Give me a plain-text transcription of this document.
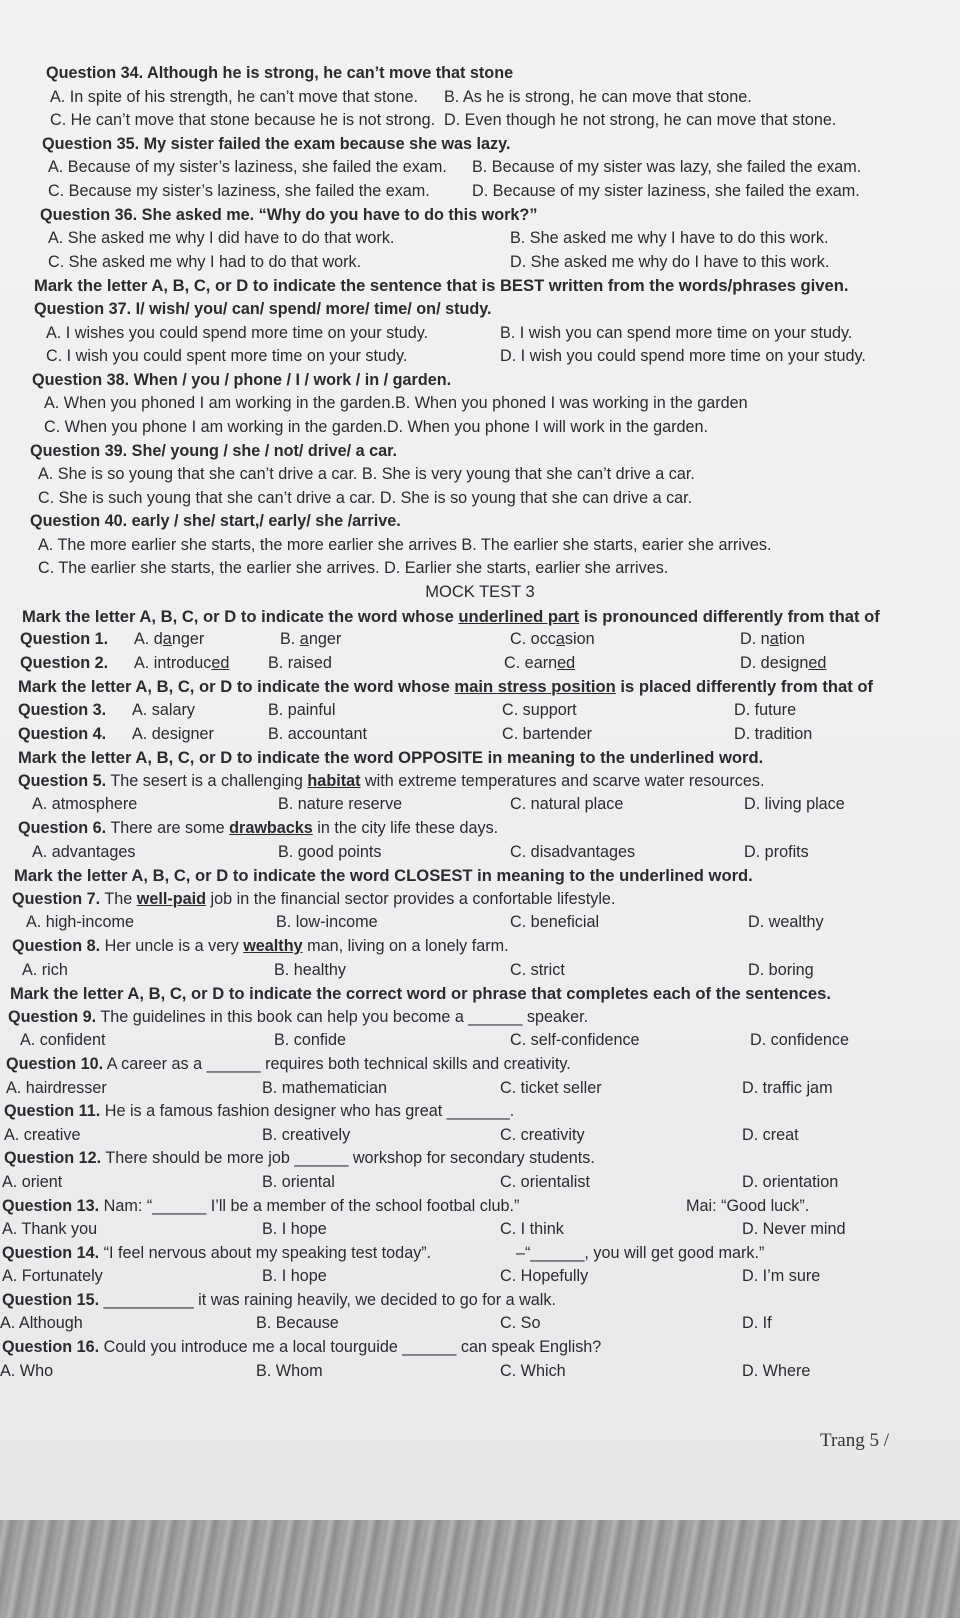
Question 34. Although he is strong, he can’t move that stone
A. In spite of his strength, he can’t move that stone. B. As he is strong, he can move that stone.
C. He can’t move that stone because he is not strong. D. Even though he not strong, he can move that stone.
Question 35. My sister failed the exam because she was lazy.
A. Because of my sister’s laziness, she failed the exam. B. Because of my sister was lazy, she failed the exam.
C. Because my sister’s laziness, she failed the exam.	D. Because of my sister laziness, she failed the exam.
Question 36. She asked me. “Why do you have to do this work?”
A. She asked me why I did have to do that work.	B. She asked me why I have to do this work.
C. She asked me why I had to do that work.	D. She asked me why do I have to this work.
Mark the letter A, B, C, or D to indicate the sentence that is BEST written from the words/phrases given.
Question 37. I/ wish/ you/ can/ spend/ more/ time/ on/ study.
A. I wishes you could spend more time on your study.	B. I wish you can spend more time on your study.
C. I wish you could spent more time on your study.	D. I wish you could spend more time on your study.
Question 38. When / you / phone / I / work / in / garden.
A. When you phoned I am working in the garden.B. When you phoned I was working in the garden
C. When you phone I am working in the garden.D. When you phone I will work in the garden.
Question 39. She/ young / she / not/ drive/ a car.
A. She is so young that she can’t drive a car. B. She is very young that she can’t drive a car.
C. She is such young that she can’t drive a car. D. She is so young that she can drive a car.
Question 40. early / she/ start,/ early/ she /arrive.
A. The more earlier she starts, the more earlier she arrives B. The earlier she starts, earier she arrives.
C. The earlier she starts, the earlier she arrives. D. Earlier she starts, earlier she arrives.
MOCK TEST 3
Mark the letter A, B, C, or D to indicate the word whose underlined part is pronounced differently from that of
Question 1. A. danger	B. anger	C. occasion	D. nation
Question 2. A. introduced B. raised	C. earned	D. designed
Mark the letter A, B, C, or D to indicate the word whose main stress position is placed differently from that of
Question 3. A. salary	B. painful	C. support	D. future
Question 4. A. designer	B. accountant	C. bartender	D. tradition
Mark the letter A, B, C, or D to indicate the word OPPOSITE in meaning to the underlined word.
Question 5. The sesert is a challenging habitat with extreme temperatures and scarve water resources.
A. atmosphere	B. nature reserve	C. natural place	D. living place
Question 6. There are some drawbacks in the city life these days.
A. advantages	B. good points	C. disadvantages	D. profits
Mark the letter A, B, C, or D to indicate the word CLOSEST in meaning to the underlined word.
Question 7. The well-paid job in the financial sector provides a confortable lifestyle.
A. high-income	B. low-income	C. beneficial	D. wealthy
Question 8. Her uncle is a very wealthy man, living on a lonely farm.
A. rich	B. healthy	C. strict	D. boring
Mark the letter A, B, C, or D to indicate the correct word or phrase that completes each of the sentences.
Question 9. The guidelines in this book can help you become a ______ speaker.
A. confident	B. confide	C. self-confidence	D. confidence
Question 10. A career as a ______ requires both technical skills and creativity.
A. hairdresser	B. mathematician	C. ticket seller	D. traffic jam
Question 11. He is a famous fashion designer who has great _______.
A. creative	B. creatively	C. creativity	D. creat
Question 12. There should be more job ______ workshop for secondary students.
A. orient	B. oriental	C. orientalist	D. orientation
Question 13. Nam: “______ I’ll be a member of the school footbal club.”	Mai: “Good luck”.
A. Thank you	B. I hope	C. I think	D. Never mind
Question 14. “I feel nervous about my speaking test today”.	–“______, you will get good mark.”
A. Fortunately	B. I hope	C. Hopefully	D. I’m sure
Question 15. __________ it was raining heavily, we decided to go for a walk.
A. Although	B. Because	C. So	D. If
Question 16. Could you introduce me a local tourguide ______ can speak English?
A. Who	B. Whom	C. Which	D. Where
Trang 5 /
